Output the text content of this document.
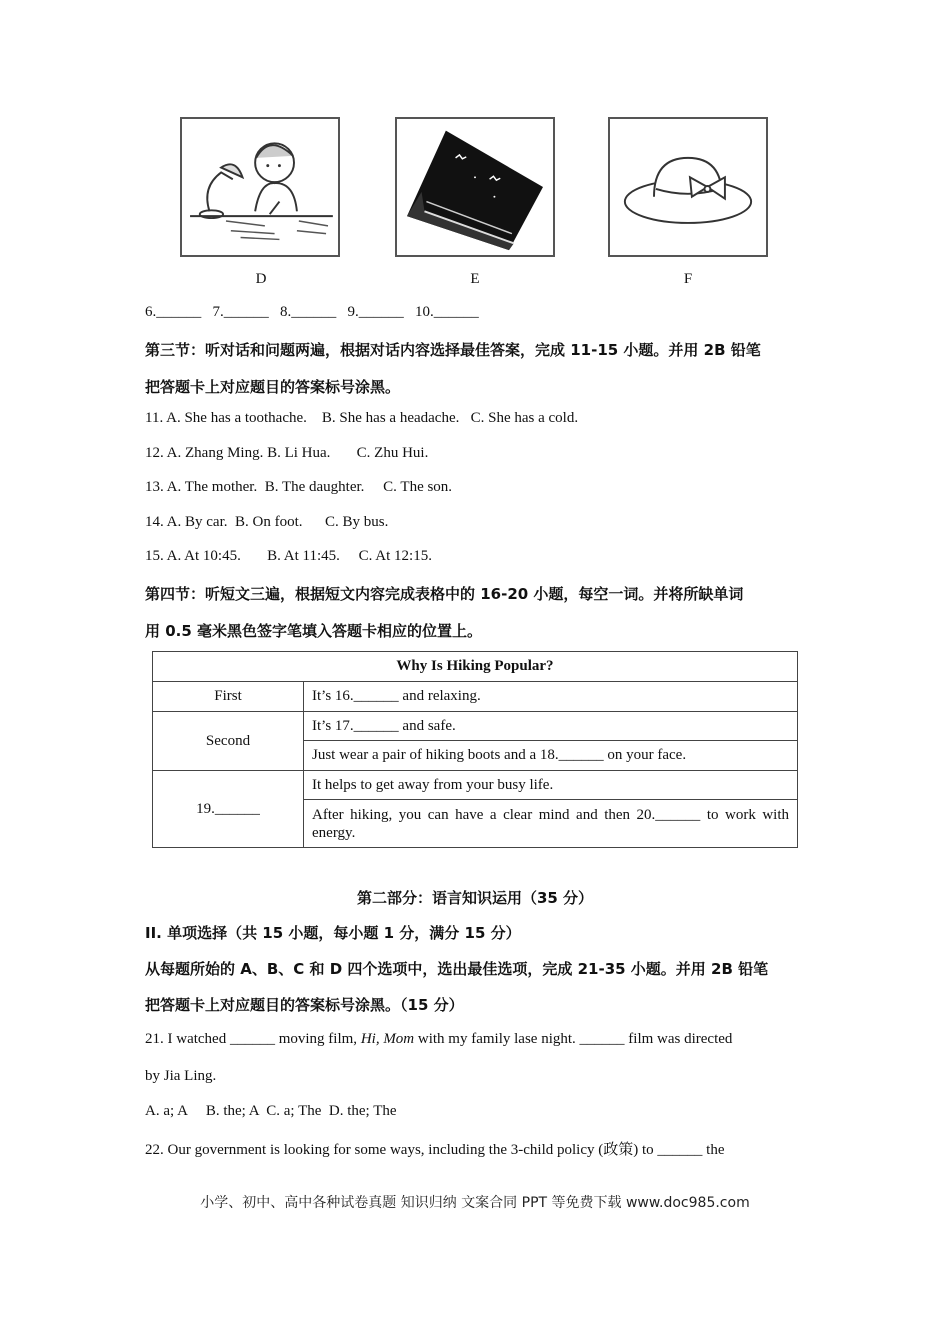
D	E	F
6.______   7.______   8.______   9.______   10.______
第三节：听对话和问题两遍，根据对话内容选择最佳答案，完成 11-15 小题。并用 2B 铅笔
把答题卡上对应题目的答案标号涂黑。
11. A. She has a toothache.    B. She has a headache.   C. She has a cold.
12. A. Zhang Ming. B. Li Hua.       C. Zhu Hui.
13. A. The mother.  B. The daughter.     C. The son.
14. A. By car.  B. On foot.      C. By bus.
15. A. At 10:45.       B. At 11:45.     C. At 12:15.
第四节：听短文三遍，根据短文内容完成表格中的 16-20 小题，每空一词。并将所缺单词
用 0.5 毫米黑色签字笔填入答题卡相应的位置上。
Why Is Hiking Popular?	
First	It’s 16.______ and relaxing.
Second	It’s 17.______ and safe.
	Just wear a pair of hiking boots and a 18.______ on your face.
19.______	It helps to get away from your busy life.
	After hiking, you can have a clear mind and then 20.______ to work with energy.
第二部分：语言知识运用（35 分）
II. 单项选择（共 15 小题，每小题 1 分，满分 15 分）
从每题所始的 A、B、C 和 D 四个选项中，选出最佳选项，完成 21-35 小题。并用 2B 铅笔
把答题卡上对应题目的答案标号涂黑。（15 分）
21. I watched ______ moving film, Hi, Mom with my family lase night. ______ film was directed
by Jia Ling.
A. a; A     B. the; A  C. a; The  D. the; The
22. Our government is looking for some ways, including the 3-child policy (政策) to ______ the
小学、初中、高中各种试卷真题 知识归纳 文案合同 PPT 等免费下载 www.doc985.com
